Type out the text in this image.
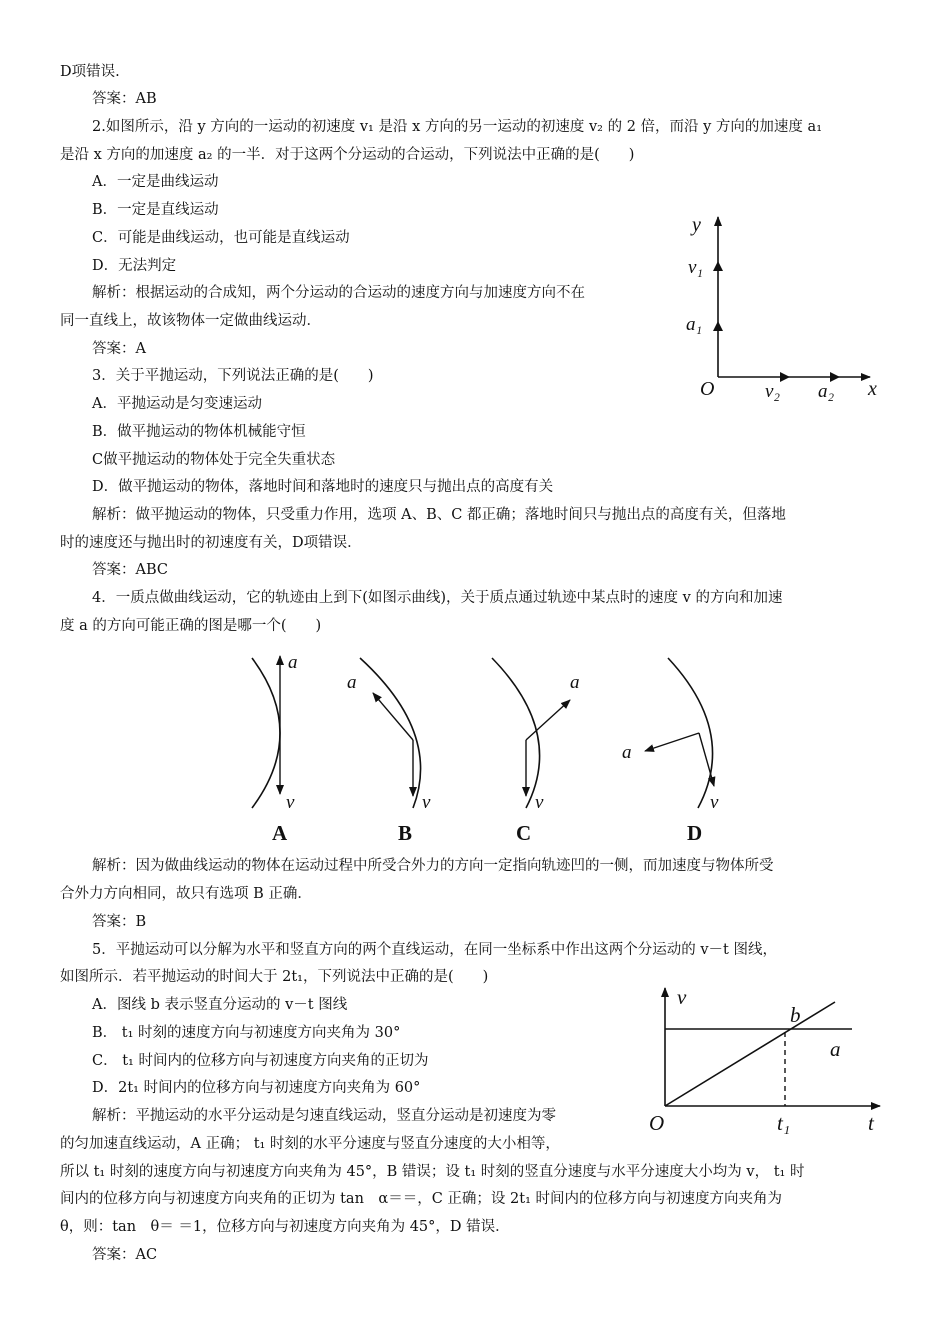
D项错误.
答案：AB
2.如图所示，沿 y 方向的一运动的初速度 v₁ 是沿 x 方向的另一运动的初速度 v₂ 的 2 倍，而沿 y 方向的加速度 a₁
是沿 x 方向的加速度 a₂ 的一半．对于这两个分运动的合运动，下列说法中正确的是(　　)
A．一定是曲线运动
B．一定是直线运动
C．可能是曲线运动，也可能是直线运动
D．无法判定
解析：根据运动的合成知，两个分运动的合运动的速度方向与加速度方向不在
同一直线上，故该物体一定做曲线运动．
答案：A
3．关于平抛运动，下列说法正确的是(　　)
A．平抛运动是匀变速运动
B．做平抛运动的物体机械能守恒
C做平抛运动的物体处于完全失重状态
D．做平抛运动的物体，落地时间和落地时的速度只与抛出点的高度有关
解析：做平抛运动的物体，只受重力作用，选项 A、B、C 都正确；落地时间只与抛出点的高度有关，但落地
时的速度还与抛出时的初速度有关，D项错误．
答案：ABC
4．一质点做曲线运动，它的轨迹由上到下(如图示曲线)，关于质点通过轨迹中某点时的速度 v 的方向和加速
度 a 的方向可能正确的图是哪一个(　　)
解析：因为做曲线运动的物体在运动过程中所受合外力的方向一定指向轨迹凹的一侧，而加速度与物体所受
合外力方向相同，故只有选项 B 正确．
答案：B
5．平抛运动可以分解为水平和竖直方向的两个直线运动，在同一坐标系中作出这两个分运动的 v－t 图线，
如图所示．若平抛运动的时间大于 2t₁，下列说法中正确的是(　　)
A．图线 b 表示竖直分运动的 v－t 图线
B． t₁ 时刻的速度方向与初速度方向夹角为 30°
C． t₁ 时间内的位移方向与初速度方向夹角的正切为
D．2t₁ 时间内的位移方向与初速度方向夹角为 60°
解析：平抛运动的水平分运动是匀速直线运动，竖直分运动是初速度为零
的匀加速直线运动，A 正确； t₁ 时刻的水平分速度与竖直分速度的大小相等，
所以 t₁ 时刻的速度方向与初速度方向夹角为 45°，B 错误；设 t₁ 时刻的竖直分速度与水平分速度大小均为 v， t₁ 时
间内的位移方向与初速度方向夹角的正切为 tan　α＝＝，C 正确；设 2t₁ 时间内的位移方向与初速度方向夹角为
θ，则：tan　θ＝ ＝1，位移方向与初速度方向夹角为 45°，D 错误．
答案：AC
y
v₁
a₁
O	v₂ a₂ x
a
v
A
a
v
B
a
v
C
a
v
D
v
b
a
O	t₁	t
